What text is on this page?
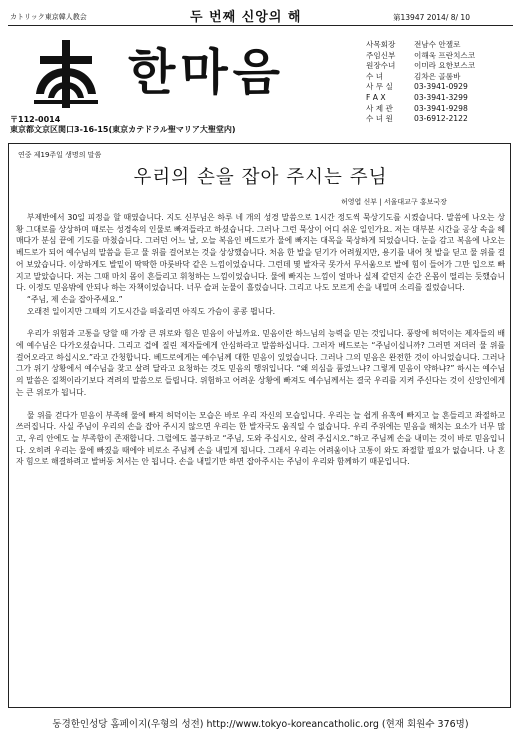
カトリック東京韓人教会	두 번째 신앙의 해	第13947 2014/ 8/ 10
한마음	사목회장	전남수 안젤로
주임신부	이해욱 프란치스코
원장수녀	이미라 요한보스코
수 녀	김차은 골롬바
사 무 실	03-3941-0929
F A X	03-3941-3299
사 제 관	03-3941-9298
수 녀 원	03-6912-2122
〒112-0014
東京都文京区関口3-16-15(東京カテドラル聖マリア大聖堂内)
연중 제19주일 생명의 말씀
우리의 손을 잡아 주시는 주님
허영엽 신부 | 서울대교구 홍보국장

부제반에서 30일 피정을 할 때였습니다. 지도 신부님은 하루 네 개의 성경 말씀으로 1시간 정도씩 묵상기도를 시켰습니다. 말씀에 나오는 상황 그대로를 상상하며 때로는 성경속의 인물로 빠져들라고 하셨습니다. 그러나 그런 묵상이 어디 쉬운 일인가요. 저는 대부분 시간을 공상 속을 헤매다가 분심 끝에 기도를 마쳤습니다. 그러던 어느 날, 오늘 복음인 베드로가 물에 빠지는 대목을 묵상하게 되었습니다. 눈을 감고 복음에 나오는 베드로가 되어 예수님의 말씀을 듣고 물 위를 걸어보는 것을 상상했습니다. 처음 한 발을 딛기가 어려웠지만, 용기를 내어 첫 발을 딛고 물 위를 걸어 보았습니다. 이상하게도 발밑이 딱딱한 마룻바닥 같은 느낌이었습니다. 그런데 몇 발자국 못가서 무서움으로 발에 힘이 들어가 그만 입으로 빠지고 말았습니다. 저는 그때 마치 몸이 흔들리고 휘청하는 느낌이었습니다. 물에 빠지는 느낌이 얼마나 실제 같던지 순간 온몸이 떨리는 듯했습니다. 이정도 믿음밖에 안되나 하는 자책이었습니다. 너무 슬퍼 눈물이 흘렀습니다. 그리고 나도 모르게 손을 내밀며 소리를 질렀습니다.

“주님, 제 손을 잡아주세요.”

오래전 일이지만 그때의 기도시간을 떠올리면 아직도 가슴이 콩콩 뜁니다.

우리가 위험과 고통을 당할 때 가장 큰 위로와 힘은 믿음이 아닐까요. 믿음이란 하느님의 능력을 믿는 것입니다. 풍랑에 허덕이는 제자들의 배에 예수님은 다가오셨습니다. 그리고 겁에 질린 제자들에게 안심하라고 말씀하십니다. 그러자 베드로는 “주님이십니까? 그러면 저더러 물 위를 걸어오라고 하십시오.”라고 간청합니다. 베드로에게는 예수님께 대한 믿음이 있었습니다. 그러나 그의 믿음은 완전한 것이 아니었습니다. 그러나 그가 위기 상황에서 예수님을 찾고 살려 달라고 요청하는 것도 믿음의 행위입니다. “왜 의심을 품었느냐? 그렇게 믿음이 약하냐?” 하시는 예수님의 말씀은 질책이라기보다 격려의 말씀으로 들립니다. 위험하고 어려운 상황에 빠져도 예수님께서는 결국 우리를 지켜 주신다는 것이 신앙인에게는 큰 위로가 됩니다.

물 위를 걷다가 믿음이 부족해 물에 빠져 허덕이는 모습은 바로 우리 자신의 모습입니다. 우리는 늘 쉽게 유혹에 빠지고 늘 흔들리고 좌절하고 쓰러집니다. 사실 주님이 우리의 손을 잡아 주시지 않으면 우리는 한 발자국도 움직일 수 없습니다. 우리 주위에는 믿음을 해치는 요소가 너무 많고, 우리 안에도 늘 부족함이 존재합니다. 그럴에도 불구하고 “주님, 도와 주십시오, 살려 주십시오.”하고 주님께 손을 내미는 것이 바로 믿음입니다. 오히려 우리는 물에 빠졌을 때에야 비로소 주님께 손을 내밀게 됩니다. 그래서 우리는 어려움이나 고통이 와도 좌절할 필요가 없습니다. 나 혼자 힘으로 해결하려고 발버둥 쳐서는 안 됩니다. 손을 내밀기만 하면 잡아주시는 주님이 우리와 함께하기 때문입니다.

동경한인성당 홈페이지(우형의 성전) http://www.tokyo-koreancatholic.org (현재 회원수 376명)
